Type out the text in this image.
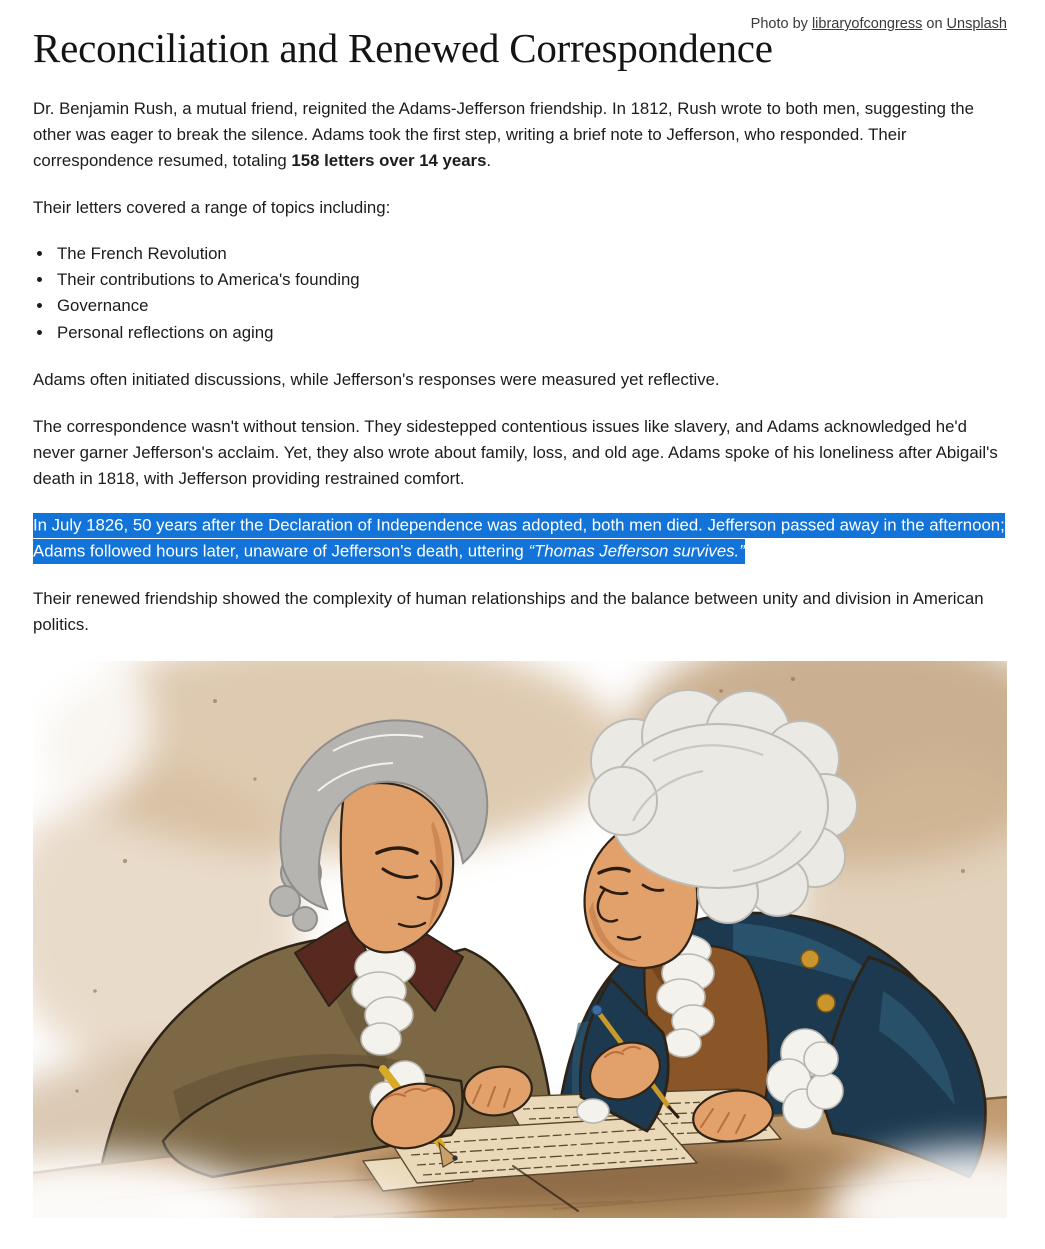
Photo by libraryofcongress on Unsplash
Reconciliation and Renewed Correspondence

Dr. Benjamin Rush, a mutual friend, reignited the Adams-Jefferson friendship. In 1812, Rush wrote to both men, suggesting the other was eager to break the silence. Adams took the first step, writing a brief note to Jefferson, who responded. Their correspondence resumed, totaling 158 letters over 14 years.

Their letters covered a range of topics including:

• The French Revolution
• Their contributions to America's founding
• Governance
• Personal reflections on aging

Adams often initiated discussions, while Jefferson's responses were measured yet reflective.

The correspondence wasn't without tension. They sidestepped contentious issues like slavery, and Adams acknowledged he'd never garner Jefferson's acclaim. Yet, they also wrote about family, loss, and old age. Adams spoke of his loneliness after Abigail's death in 1818, with Jefferson providing restrained comfort.

In July 1826, 50 years after the Declaration of Independence was adopted, both men died. Jefferson passed away in the afternoon; Adams followed hours later, unaware of Jefferson's death, uttering “Thomas Jefferson survives.”

Their renewed friendship showed the complexity of human relationships and the balance between unity and division in American politics.
